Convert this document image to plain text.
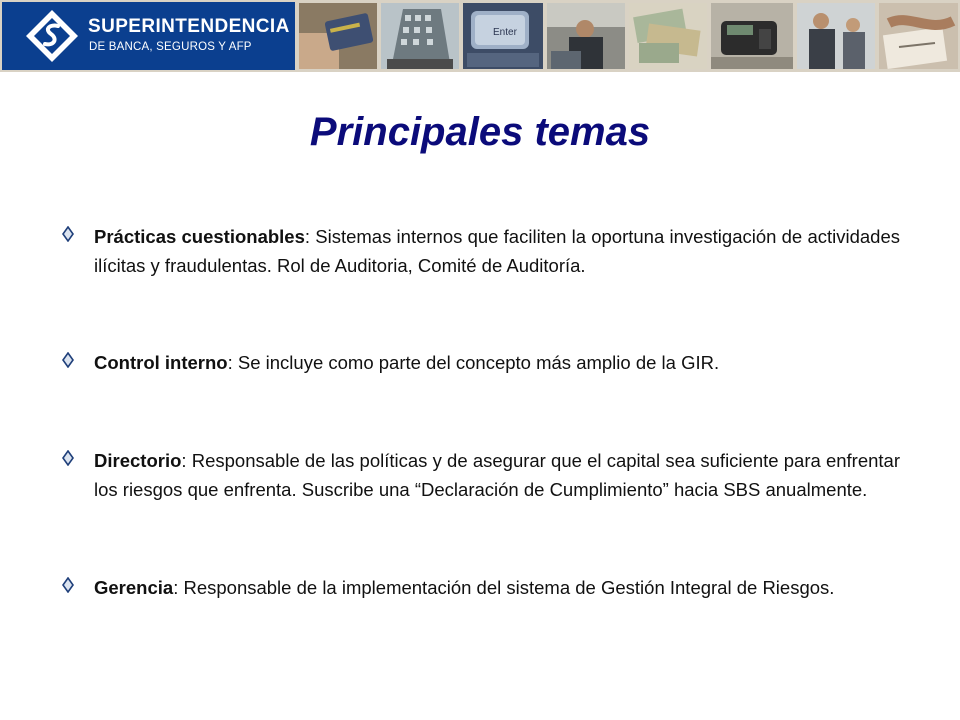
SUPERINTENDENCIA
DE BANCA, SEGUROS Y AFP
Enter
Principales temas
Prácticas cuestionables: Sistemas internos que faciliten la oportuna investigación de actividades ilícitas y fraudulentas. Rol de Auditoria, Comité de Auditoría.
Control interno: Se incluye como parte del concepto más amplio de la GIR.
Directorio: Responsable de las políticas y de asegurar que el capital sea suficiente para enfrentar los riesgos que enfrenta. Suscribe una “Declaración de Cumplimiento” hacia SBS anualmente.
Gerencia: Responsable de la implementación del sistema de Gestión Integral de Riesgos.
